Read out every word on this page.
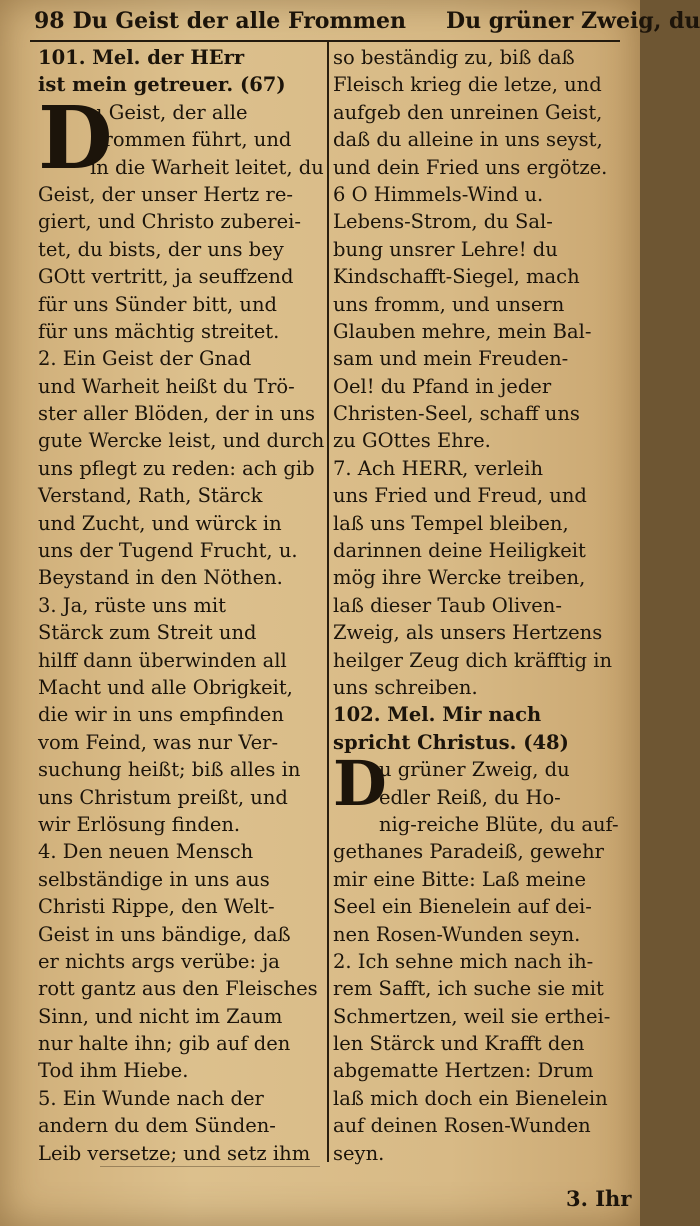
98 Du Geist der alle Frommen Du grüner Zweig, du
101. Mel. der HErr
ist mein getreuer. (67)
D
u Geist, der alle
Frommen führt, und
in die Warheit leitet, du
Geist, der unser Hertz re-
giert, und Christo zuberei-
tet, du bists, der uns bey
GOtt vertritt, ja seuffzend
für uns Sünder bitt, und
für uns mächtig streitet.
2. Ein Geist der Gnad
und Warheit heißt du Trö-
ster aller Blöden, der in uns
gute Wercke leist, und durch
uns pflegt zu reden: ach gib
Verstand, Rath, Stärck
und Zucht, und würck in
uns der Tugend Frucht, u.
Beystand in den Nöthen.
3. Ja, rüste uns mit
Stärck zum Streit und
hilff dann überwinden all
Macht und alle Obrigkeit,
die wir in uns empfinden
vom Feind, was nur Ver-
suchung heißt; biß alles in
uns Christum preißt, und
wir Erlösung finden.
4. Den neuen Mensch
selbständige in uns aus
Christi Rippe, den Welt-
Geist in uns bändige, daß
er nichts args verübe: ja
rott gantz aus den Fleisches
Sinn, und nicht im Zaum
nur halte ihn; gib auf den
Tod ihm Hiebe.
5. Ein Wunde nach der
andern du dem Sünden-
Leib versetze; und setz ihm
so beständig zu, biß daß
Fleisch krieg die letze, und
aufgeb den unreinen Geist,
daß du alleine in uns seyst,
und dein Fried uns ergötze.
6 O Himmels-Wind u.
Lebens-Strom, du Sal-
bung unsrer Lehre! du
Kindschafft-Siegel, mach
uns fromm, und unsern
Glauben mehre, mein Bal-
sam und mein Freuden-
Oel! du Pfand in jeder
Christen-Seel, schaff uns
zu GOttes Ehre.
7. Ach HERR, verleih
uns Fried und Freud, und
laß uns Tempel bleiben,
darinnen deine Heiligkeit
mög ihre Wercke treiben,
laß dieser Taub Oliven-
Zweig, als unsers Hertzens
heilger Zeug dich kräfftig in
uns schreiben.
102. Mel. Mir nach
spricht Christus. (48)
D
u grüner Zweig, du
edler Reiß, du Ho-
nig-reiche Blüte, du auf-
gethanes Paradeiß, gewehr
mir eine Bitte: Laß meine
Seel ein Bienelein auf dei-
nen Rosen-Wunden seyn.
2. Ich sehne mich nach ih-
rem Safft, ich suche sie mit
Schmertzen, weil sie erthei-
len Stärck und Krafft den
abgematte Hertzen: Drum
laß mich doch ein Bienelein
auf deinen Rosen-Wunden
seyn.
3. Ihr
